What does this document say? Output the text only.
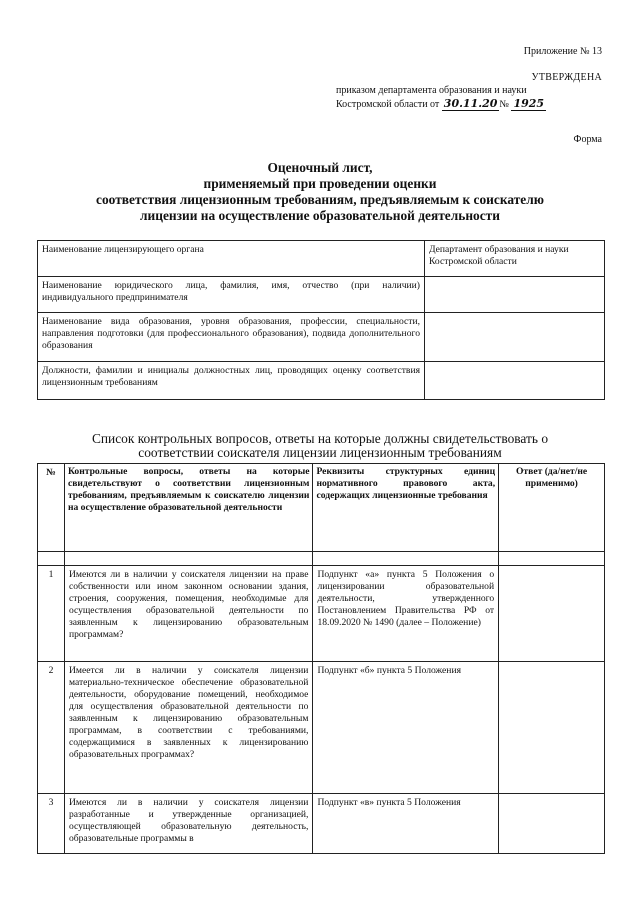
Приложение № 13
УТВЕРЖДЕНА
приказом департамента образования и науки
Костромской области от 30.11.20 № 1925
Форма
Оценочный лист,
применяемый при проведении оценки
соответствия лицензионным требованиям, предъявляемым к соискателю
лицензии на осуществление образовательной деятельности
Наименование лицензирующего органа	Департамент образования и науки Костромской области
Наименование юридического лица, фамилия, имя, отчество (при наличии) индивидуального предпринимателя	
Наименование вида образования, уровня образования, профессии, специальности, направления подготовки (для профессионального образования), подвида дополнительного образования	
Должности, фамилии и инициалы должностных лиц, проводящих оценку соответствия лицензионным требованиям	
Список контрольных вопросов, ответы на которые должны свидетельствовать о
соответствии соискателя лицензии лицензионным требованиям
№	Контрольные вопросы, ответы на которые свидетельствуют о соответствии лицензионным требованиям, предъявляемым к соискателю лицензии на осуществление образовательной деятельности	Реквизиты структурных единиц нормативного правового акта, содержащих лицензионные требования	Ответ (да/нет/не применимо)

1	Имеются ли в наличии у соискателя лицензии на праве собственности или ином законном основании здания, строения, сооружения, помещения, необходимые для осуществления образовательной деятельности по заявленным к лицензированию образовательным программам?	Подпункт «а» пункта 5 Положения о лицензировании образовательной деятельности, утвержденного Постановлением Правительства РФ от 18.09.2020 № 1490 (далее – Положение)	
2	Имеется ли в наличии у соискателя лицензии материально-техническое обеспечение образовательной деятельности, оборудование помещений, необходимое для осуществления образовательной деятельности по заявленным к лицензированию образовательным программам, в соответствии с требованиями, содержащимися в заявленных к лицензированию образовательных программах?	Подпункт «б» пункта 5 Положения	
3	Имеются ли в наличии у соискателя лицензии разработанные и утвержденные организацией, осуществляющей образовательную деятельность, образовательные программы в	Подпункт «в» пункта 5 Положения	
